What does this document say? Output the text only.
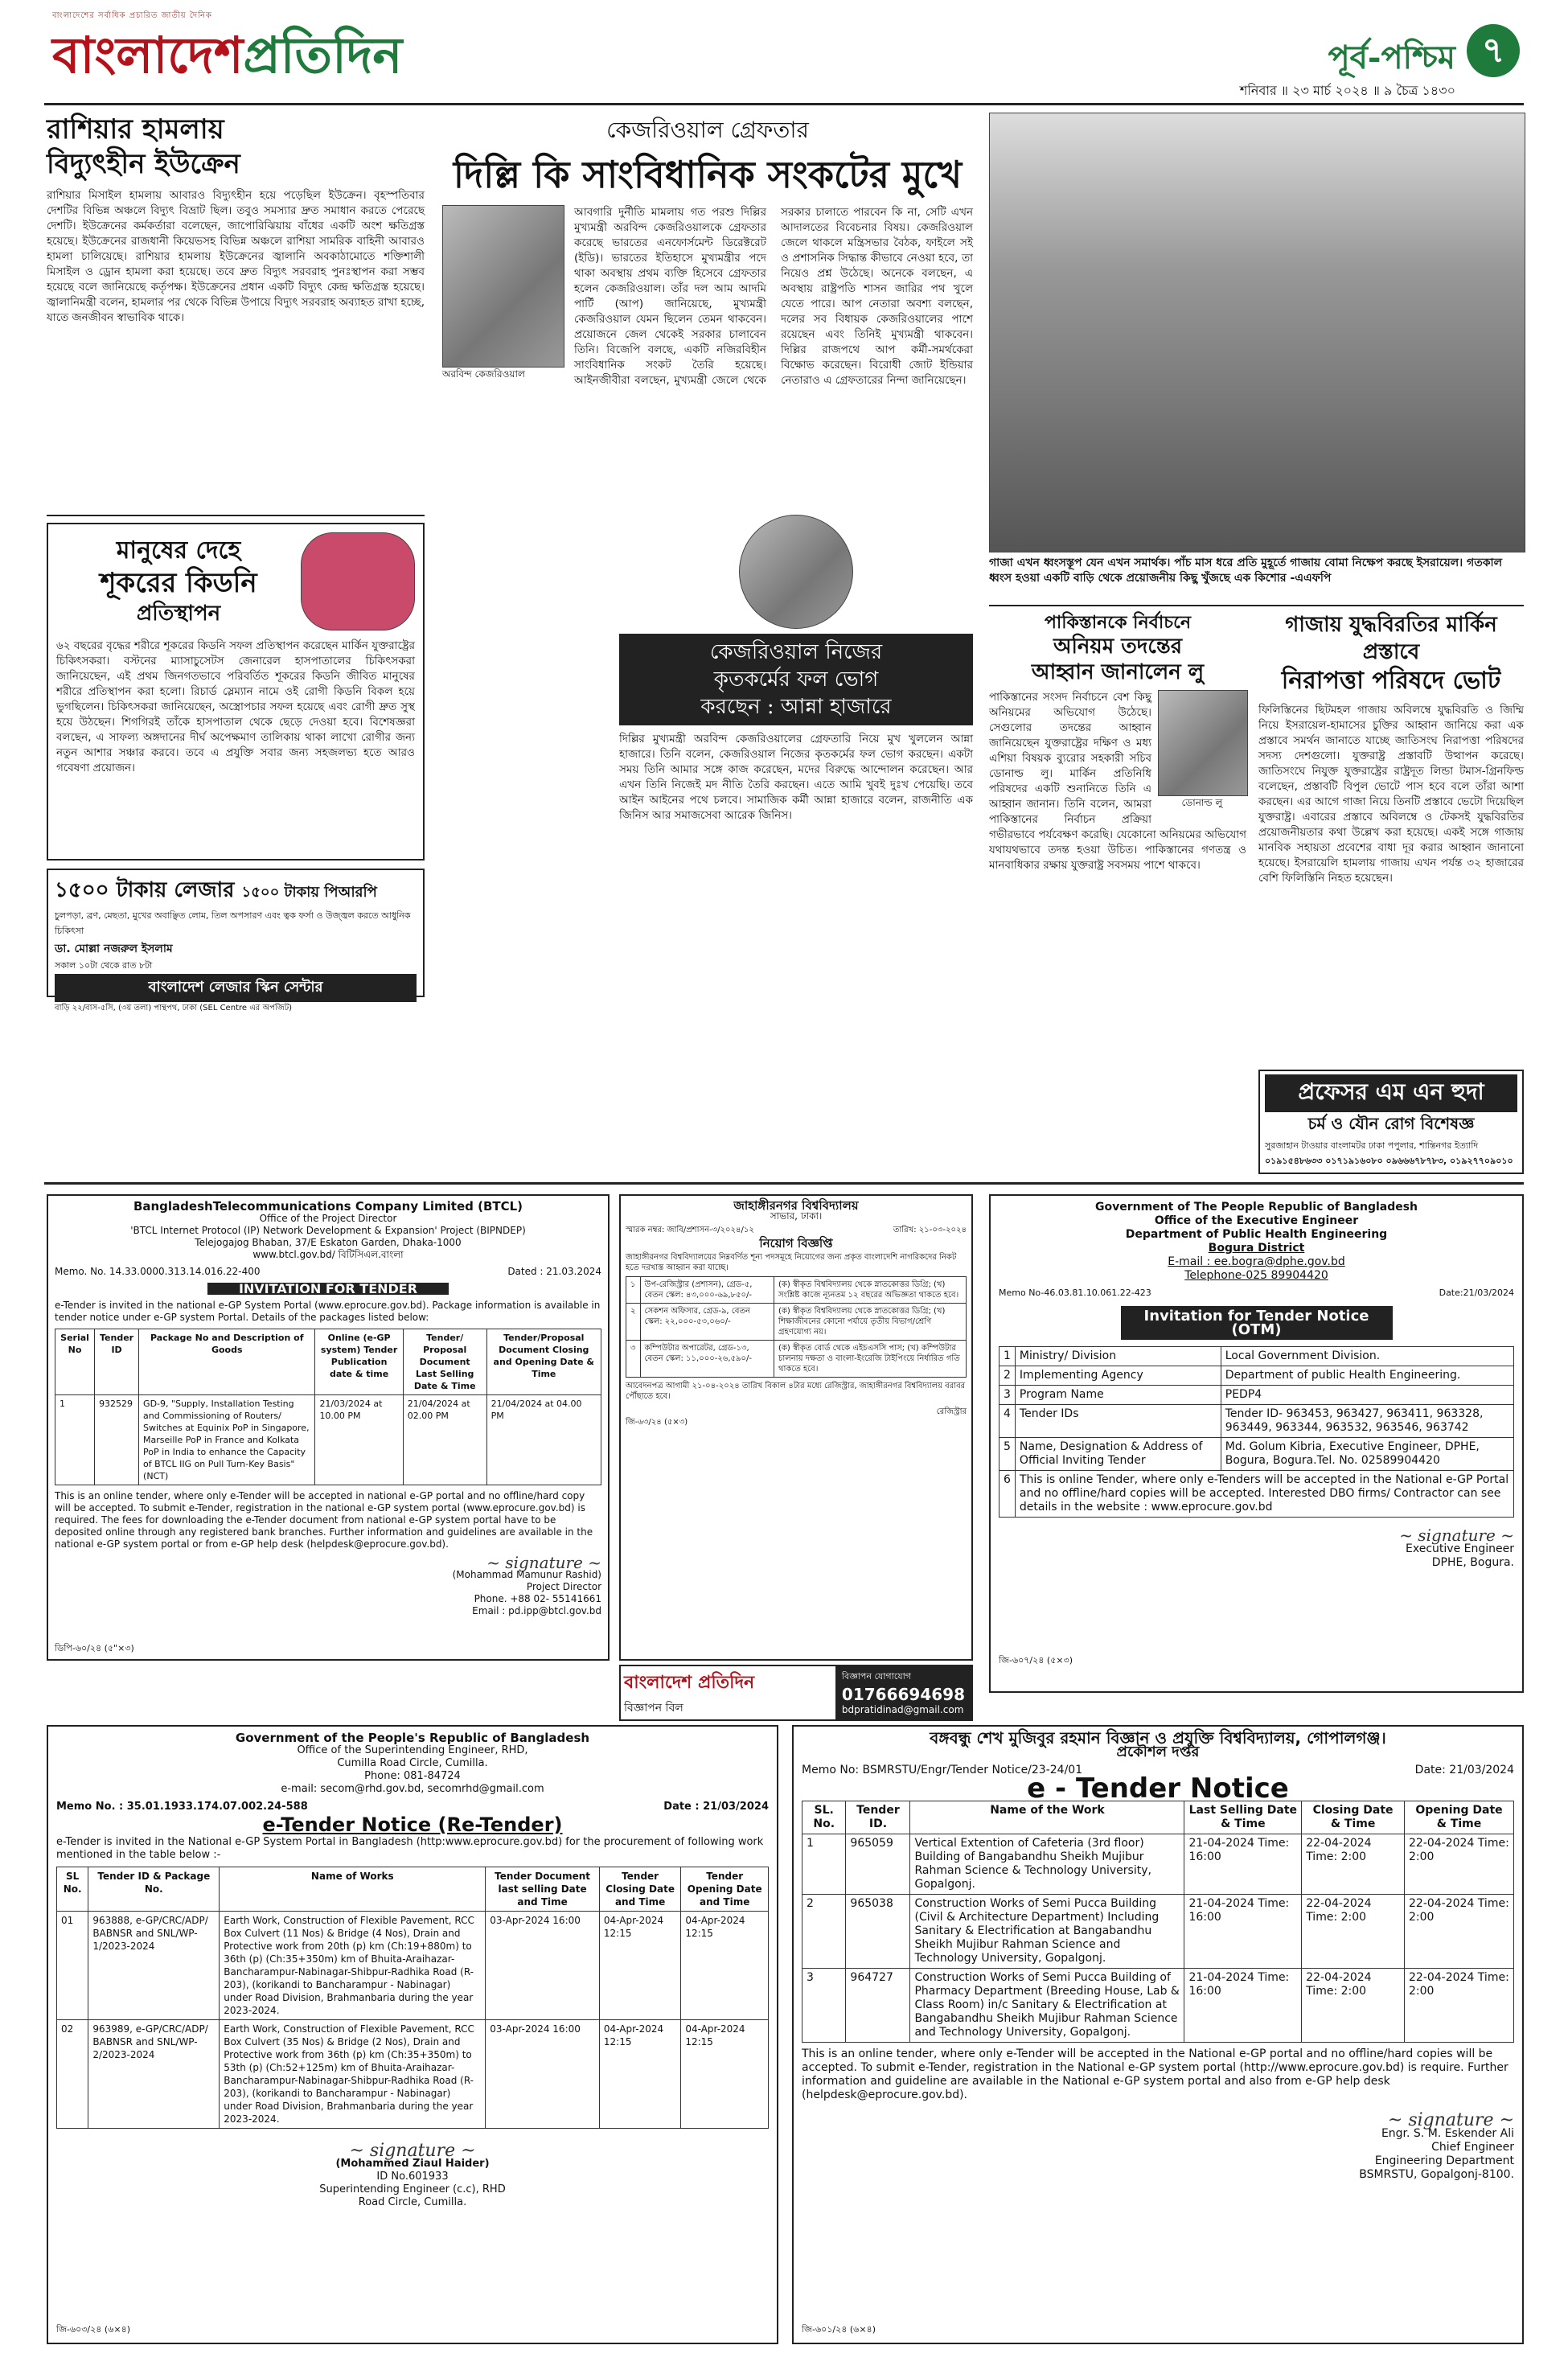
বাংলাদেশের সর্বাধিক প্রচারিত জাতীয় দৈনিক
বাংলাদেশপ্রতিদিন	পূর্ব-পশ্চিম ৭
শনিবার ॥ ২৩ মার্চ ২০২৪ ॥ ৯ চৈত্র ১৪৩০
রাশিয়ার হামলায়
বিদ্যুৎহীন ইউক্রেন
রাশিয়ার মিসাইল হামলায় আবারও বিদ্যুৎহীন হয়ে পড়েছিল ইউক্রেন। বৃহস্পতিবার দেশটির বিভিন্ন অঞ্চলে বিদ্যুৎ বিভ্রাট ছিল। তবুও সমস্যার দ্রুত সমাধান করতে পেরেছে দেশটি। ইউক্রেনের কর্মকর্তারা বলেছেন, জাপোরিঝিয়ায় বাঁধের একটি অংশ ক্ষতিগ্রস্ত হয়েছে। ইউক্রেনের রাজধানী কিয়েভসহ বিভিন্ন অঞ্চলে রাশিয়া সামরিক বাহিনী আবারও হামলা চালিয়েছে। রাশিয়ার হামলায় ইউক্রেনের জ্বালানি অবকাঠামোতে শক্তিশালী মিসাইল ও ড্রোন হামলা করা হয়েছে। তবে দ্রুত বিদ্যুৎ সরবরাহ পুনঃস্থাপন করা সম্ভব হয়েছে বলে জানিয়েছে কর্তৃপক্ষ। ইউক্রেনের প্রধান একটি বিদ্যুৎ কেন্দ্র ক্ষতিগ্রস্ত হয়েছে। জ্বালানিমন্ত্রী বলেন, হামলার পর থেকে বিভিন্ন উপায়ে বিদ্যুৎ সরবরাহ অব্যাহত রাখা হচ্ছে, যাতে জনজীবন স্বাভাবিক থাকে।
কেজরিওয়াল গ্রেফতার
দিল্লি কি সাংবিধানিক সংকটের মুখে
অরবিন্দ কেজরিওয়াল
আবগারি দুর্নীতি মামলায় গত পরশু দিল্লির মুখ্যমন্ত্রী অরবিন্দ কেজরিওয়ালকে গ্রেফতার করেছে ভারতের এনফোর্সমেন্ট ডিরেক্টরেট (ইডি)। ভারতের ইতিহাসে মুখ্যমন্ত্রীর পদে থাকা অবস্থায় প্রথম ব্যক্তি হিসেবে গ্রেফতার হলেন কেজরিওয়াল। তাঁর দল আম আদমি পার্টি (আপ) জানিয়েছে, মুখ্যমন্ত্রী কেজরিওয়াল যেমন ছিলেন তেমন থাকবেন। প্রয়োজনে জেল থেকেই সরকার চালাবেন তিনি। বিজেপি বলছে, একটি নজিরবিহীন সাংবিধানিক সংকট তৈরি হয়েছে। আইনজীবীরা বলছেন, মুখ্যমন্ত্রী জেলে থেকে সরকার চালাতে পারবেন কি না, সেটি এখন আদালতের বিবেচনার বিষয়। কেজরিওয়াল জেলে থাকলে মন্ত্রিসভার বৈঠক, ফাইলে সই ও প্রশাসনিক সিদ্ধান্ত কীভাবে নেওয়া হবে, তা নিয়েও প্রশ্ন উঠেছে। অনেকে বলছেন, এ অবস্থায় রাষ্ট্রপতি শাসন জারির পথ খুলে যেতে পারে। আপ নেতারা অবশ্য বলছেন, দলের সব বিধায়ক কেজরিওয়ালের পাশে রয়েছেন এবং তিনিই মুখ্যমন্ত্রী থাকবেন। দিল্লির রাজপথে আপ কর্মী-সমর্থকেরা বিক্ষোভ করেছেন। বিরোধী জোট ইন্ডিয়ার নেতারাও এ গ্রেফতারের নিন্দা জানিয়েছেন।
গাজা এখন ধ্বংসস্তূপ যেন এখন সমার্থক। পাঁচ মাস ধরে প্রতি মুহূর্তে গাজায় বোমা নিক্ষেপ করছে ইসরায়েল। গতকাল ধ্বংস হওয়া একটি বাড়ি থেকে প্রয়োজনীয় কিছু খুঁজছে এক কিশোর -এএফপি
মানুষের দেহে
শূকরের কিডনি
প্রতিস্থাপন
৬২ বছরের বৃদ্ধের শরীরে শূকরের কিডনি সফল প্রতিস্থাপন করেছেন মার্কিন যুক্তরাষ্ট্রের চিকিৎসকরা। বস্টনের ম্যাসাচুসেটস জেনারেল হাসপাতালের চিকিৎসকরা জানিয়েছেন, এই প্রথম জিনগতভাবে পরিবর্তিত শূকরের কিডনি জীবিত মানুষের শরীরে প্রতিস্থাপন করা হলো। রিচার্ড স্লেম্যান নামে ওই রোগী কিডনি বিকল হয়ে ভুগছিলেন। চিকিৎসকরা জানিয়েছেন, অস্ত্রোপচার সফল হয়েছে এবং রোগী দ্রুত সুস্থ হয়ে উঠছেন। শিগগিরই তাঁকে হাসপাতাল থেকে ছেড়ে দেওয়া হবে। বিশেষজ্ঞরা বলছেন, এ সাফল্য অঙ্গদানের দীর্ঘ অপেক্ষমাণ তালিকায় থাকা লাখো রোগীর জন্য নতুন আশার সঞ্চার করবে। তবে এ প্রযুক্তি সবার জন্য সহজলভ্য হতে আরও গবেষণা প্রয়োজন।
১৫০০ টাকায় লেজার ১৫০০ টাকায় পিআরপি
চুলপড়া, ব্রণ, মেছতা, মুখের অবাঞ্ছিত লোম, তিল অপসারণ এবং ত্বক ফর্সা ও উজ্জ্বল করতে আধুনিক চিকিৎসা
ডা. মোল্লা নজরুল ইসলাম
সকাল ১০টা থেকে রাত ৮টা
বাংলাদেশ লেজার স্কিন সেন্টার
বাড়ি ২২/বাস-৫সি, (৩য় তলা) পান্থপথ, ঢাকা (SEL Centre এর অপজিট)
কেজরিওয়াল নিজের
কৃতকর্মের ফল ভোগ
করছেন : আন্না হাজারে
দিল্লির মুখ্যমন্ত্রী অরবিন্দ কেজরিওয়ালের গ্রেফতারি নিয়ে মুখ খুললেন আন্না হাজারে। তিনি বলেন, কেজরিওয়াল নিজের কৃতকর্মের ফল ভোগ করছেন। একটা সময় তিনি আমার সঙ্গে কাজ করেছেন, মদের বিরুদ্ধে আন্দোলন করেছেন। আর এখন তিনি নিজেই মদ নীতি তৈরি করছেন। এতে আমি খুবই দুঃখ পেয়েছি। তবে আইন আইনের পথে চলবে। সামাজিক কর্মী আন্না হাজারে বলেন, রাজনীতি এক জিনিস আর সমাজসেবা আরেক জিনিস।
পাকিস্তানকে নির্বাচনে
অনিয়ম তদন্তের
আহ্বান জানালেন লু
ডোনাল্ড লু
পাকিস্তানের সংসদ নির্বাচনে বেশ কিছু অনিয়মের অভিযোগ উঠেছে। সেগুলোর তদন্তের আহ্বান জানিয়েছেন যুক্তরাষ্ট্রের দক্ষিণ ও মধ্য এশিয়া বিষয়ক ব্যুরোর সহকারী সচিব ডোনাল্ড লু। মার্কিন প্রতিনিধি পরিষদের একটি শুনানিতে তিনি এ আহ্বান জানান। তিনি বলেন, আমরা পাকিস্তানের নির্বাচন প্রক্রিয়া গভীরভাবে পর্যবেক্ষণ করেছি। যেকোনো অনিয়মের অভিযোগ যথাযথভাবে তদন্ত হওয়া উচিত। পাকিস্তানের গণতন্ত্র ও মানবাধিকার রক্ষায় যুক্তরাষ্ট্র সবসময় পাশে থাকবে।
গাজায় যুদ্ধবিরতির মার্কিন প্রস্তাবে
নিরাপত্তা পরিষদে ভোট
ফিলিস্তিনের ছিটমহল গাজায় অবিলম্বে যুদ্ধবিরতি ও জিম্মি নিয়ে ইসরায়েল-হামাসের চুক্তির আহ্বান জানিয়ে করা এক প্রস্তাবে সমর্থন জানাতে যাচ্ছে জাতিসংঘ নিরাপত্তা পরিষদের সদস্য দেশগুলো। যুক্তরাষ্ট্র প্রস্তাবটি উত্থাপন করেছে। জাতিসংঘে নিযুক্ত যুক্তরাষ্ট্রের রাষ্ট্রদূত লিন্ডা টমাস-গ্রিনফিল্ড বলেছেন, প্রস্তাবটি বিপুল ভোটে পাস হবে বলে তাঁরা আশা করছেন। এর আগে গাজা নিয়ে তিনটি প্রস্তাবে ভেটো দিয়েছিল যুক্তরাষ্ট্র। এবারের প্রস্তাবে অবিলম্বে ও টেকসই যুদ্ধবিরতির প্রয়োজনীয়তার কথা উল্লেখ করা হয়েছে। একই সঙ্গে গাজায় মানবিক সহায়তা প্রবেশের বাধা দূর করার আহ্বান জানানো হয়েছে। ইসরায়েলি হামলায় গাজায় এখন পর্যন্ত ৩২ হাজারের বেশি ফিলিস্তিনি নিহত হয়েছেন।
প্রফেসর এম এন হুদা
চর্ম ও যৌন রোগ বিশেষজ্ঞ
সুরজাহান টাওয়ার বাংলামটর ঢাকা পপুলার, শান্তিনগর ইত্যাদি
০১৯১৫৪৮৬৩৩ ০১৭১৯১৬০৮০ ০৯৬৬৬৭৮৭৮৩, ০১৯২৭৭০৯০১০
BangladeshTelecommunications Company Limited (BTCL)
Office of the Project Director
'BTCL Internet Protocol (IP) Network Development & Expansion' Project (BIPNDEP)
Telejogajog Bhaban, 37/E Eskaton Garden, Dhaka-1000
www.btcl.gov.bd/ বিটিসিএল.বাংলা
Memo. No. 14.33.0000.313.14.016.22-400	Dated : 21.03.2024
INVITATION FOR TENDER
e-Tender is invited in the national e-GP System Portal (www.eprocure.gov.bd). Package information is available in tender notice under e-GP system Portal. Details of the packages listed below:
Serial No	Tender ID	Package No and Description of Goods	Online (e-GP system) Tender Publication date & time	Tender/ Proposal Document Last Selling Date & Time	Tender/Proposal Document Closing and Opening Date & Time
1	932529	GD-9, "Supply, Installation Testing and Commissioning of Routers/ Switches at Equinix PoP in Singapore, Marseille PoP in France and Kolkata PoP in India to enhance the Capacity of BTCL IIG on Pull Turn-Key Basis" (NCT)	21/03/2024 at 10.00 PM	21/04/2024 at 02.00 PM	21/04/2024 at 04.00 PM
This is an online tender, where only e-Tender will be accepted in national e-GP portal and no offline/hard copy will be accepted. To submit e-Tender, registration in the national e-GP system portal (www.eprocure.gov.bd) is required. The fees for downloading the e-Tender document from national e-GP system portal have to be deposited online through any registered bank branches. Further information and guidelines are available in the national e-GP system portal or from e-GP help desk (helpdesk@eprocure.gov.bd).
~ signature ~
(Mohammad Mamunur Rashid)
Project Director
Phone. +88 02- 55141661
Email : pd.ipp@btcl.gov.bd
ডিপি-৬০/২৪ (৫"×৩)
জাহাঙ্গীরনগর বিশ্ববিদ্যালয়
সাভার, ঢাকা।
স্মারক নম্বর: জাবি/প্রশাসন-৩/২০২৪/১২	তারিখ: ২১-০৩-২০২৪
নিয়োগ বিজ্ঞপ্তি
জাহাঙ্গীরনগর বিশ্ববিদ্যালয়ের নিম্নবর্ণিত শূন্য পদসমূহে নিয়োগের জন্য প্রকৃত বাংলাদেশি নাগরিকদের নিকট হতে দরখাস্ত আহ্বান করা যাচ্ছে।
১	উপ-রেজিস্ট্রার (প্রশাসন), গ্রেড-৫, বেতন স্কেল: ৪৩,০০০-৬৯,৮৫০/-	(ক) স্বীকৃত বিশ্ববিদ্যালয় থেকে স্নাতকোত্তর ডিগ্রি; (খ) সংশ্লিষ্ট কাজে ন্যূনতম ১২ বছরের অভিজ্ঞতা থাকতে হবে।
২	সেকশন অফিসার, গ্রেড-৯, বেতন স্কেল: ২২,০০০-৫৩,০৬০/-	(ক) স্বীকৃত বিশ্ববিদ্যালয় থেকে স্নাতকোত্তর ডিগ্রি; (খ) শিক্ষাজীবনের কোনো পর্যায়ে তৃতীয় বিভাগ/শ্রেণি গ্রহণযোগ্য নয়।
৩	কম্পিউটার অপারেটর, গ্রেড-১৩, বেতন স্কেল: ১১,০০০-২৬,৫৯০/-	(ক) স্বীকৃত বোর্ড থেকে এইচএসসি পাস; (খ) কম্পিউটার চালনায় দক্ষতা ও বাংলা-ইংরেজি টাইপিংয়ে নির্ধারিত গতি থাকতে হবে।
আবেদনপত্র আগামী ২১-০৪-২০২৪ তারিখ বিকাল ৪টার মধ্যে রেজিস্ট্রার, জাহাঙ্গীরনগর বিশ্ববিদ্যালয় বরাবর পৌঁছাতে হবে।
রেজিস্ট্রার
জি-৬৩/২৪ (৫×৩)
বাংলাদেশ প্রতিদিন
বিজ্ঞাপন বিল
বিজ্ঞাপন যোগাযোগ
01766694698
bdpratidinad@gmail.com
Government of The People Republic of Bangladesh
Office of the Executive Engineer
Department of Public Health Engineering
Bogura District
E-mail : ee.bogra@dphe.gov.bd
Telephone-025 89904420
Memo No-46.03.81.10.061.22-423	Date:21/03/2024
Invitation for Tender Notice (OTM)
1	Ministry/ Division	Local Government Division.
2	Implementing Agency	Department of public Health Engineering.
3	Program Name	PEDP4
4	Tender IDs	Tender ID- 963453, 963427, 963411, 963328, 963449, 963344, 963532, 963546, 963742
5	Name, Designation & Address of Official Inviting Tender	Md. Golum Kibria, Executive Engineer, DPHE, Bogura, Bogura.Tel. No. 02589904420
6	This is online Tender, where only e-Tenders will be accepted in the National e-GP Portal and no offline/hard copies will be accepted. Interested DBO firms/ Contractor can see details in the website : www.eprocure.gov.bd	
~ signature ~
Executive Engineer
DPHE, Bogura.
জি-৬০৭/২৪ (৫×৩)
Government of the People's Republic of Bangladesh
Office of the Superintending Engineer, RHD,
Cumilla Road Circle, Cumilla.
Phone: 081-84724
e-mail: secom@rhd.gov.bd, secomrhd@gmail.com
Memo No. : 35.01.1933.174.07.002.24-588	Date : 21/03/2024
e-Tender Notice (Re-Tender)
e-Tender is invited in the National e-GP System Portal in Bangladesh (http:www.eprocure.gov.bd) for the procurement of following work mentioned in the table below :-
SL No.	Tender ID & Package No.	Name of Works	Tender Document last selling Date and Time	Tender Closing Date and Time	Tender Opening Date and Time
01	963888, e-GP/CRC/ADP/ BABNSR and SNL/WP-1/2023-2024	Earth Work, Construction of Flexible Pavement, RCC Box Culvert (11 Nos) & Bridge (4 Nos), Drain and Protective work from 20th (p) km (Ch:19+880m) to 36th (p) (Ch:35+350m) km of Bhuita-Araihazar-Bancharampur-Nabinagar-Shibpur-Radhika Road (R-203), (korikandi to Bancharampur - Nabinagar) under Road Division, Brahmanbaria during the year 2023-2024.	03-Apr-2024 16:00	04-Apr-2024 12:15	04-Apr-2024 12:15
02	963989, e-GP/CRC/ADP/ BABNSR and SNL/WP-2/2023-2024	Earth Work, Construction of Flexible Pavement, RCC Box Culvert (35 Nos) & Bridge (2 Nos), Drain and Protective work from 36th (p) km (Ch:35+350m) to 53th (p) (Ch:52+125m) km of Bhuita-Araihazar-Bancharampur-Nabinagar-Shibpur-Radhika Road (R-203), (korikandi to Bancharampur - Nabinagar) under Road Division, Brahmanbaria during the year 2023-2024.	03-Apr-2024 16:00	04-Apr-2024 12:15	04-Apr-2024 12:15
~ signature ~
(Mohammed Ziaul Haider)
ID No.601933
Superintending Engineer (c.c), RHD
Road Circle, Cumilla.
জি-৬০৩/২৪ (৬×৪)
বঙ্গবন্ধু শেখ মুজিবুর রহমান বিজ্ঞান ও প্রযুক্তি বিশ্ববিদ্যালয়, গোপালগঞ্জ।
প্রকৌশল দপ্তর
Memo No: BSMRSTU/Engr/Tender Notice/23-24/01	Date: 21/03/2024
e - Tender Notice
SL. No.	Tender ID.	Name of the Work	Last Selling Date & Time	Closing Date & Time	Opening Date & Time
1	965059	Vertical Extention of Cafeteria (3rd floor) Building of Bangabandhu Sheikh Mujibur Rahman Science & Technology University, Gopalgonj.	21-04-2024 Time: 16:00	22-04-2024 Time: 2:00	22-04-2024 Time: 2:00
2	965038	Construction Works of Semi Pucca Building (Civil & Architecture Department) Including Sanitary & Electrification at Bangabandhu Sheikh Mujibur Rahman Science and Technology University, Gopalgonj.	21-04-2024 Time: 16:00	22-04-2024 Time: 2:00	22-04-2024 Time: 2:00
3	964727	Construction Works of Semi Pucca Building of Pharmacy Department (Breeding House, Lab & Class Room) in/c Sanitary & Electrification at Bangabandhu Sheikh Mujibur Rahman Science and Technology University, Gopalgonj.	21-04-2024 Time: 16:00	22-04-2024 Time: 2:00	22-04-2024 Time: 2:00
This is an online tender, where only e-Tender will be accepted in the National e-GP portal and no offline/hard copies will be accepted. To submit e-Tender, registration in the National e-GP system portal (http://www.eprocure.gov.bd) is require. Further information and guideline are available in the National e-GP system portal and also from e-GP help desk (helpdesk@eprocure.gov.bd).
~ signature ~
Engr. S. M. Eskender Ali
Chief Engineer
Engineering Department
BSMRSTU, Gopalgonj-8100.
জি-৬০১/২৪ (৬×৪)
